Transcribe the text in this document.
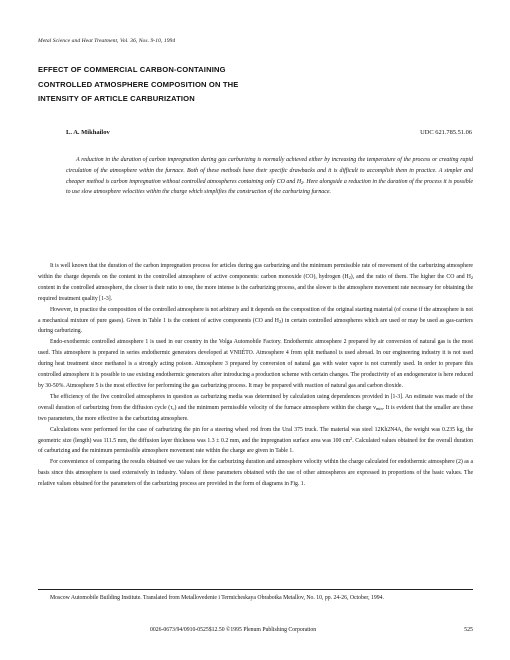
Metal Science and Heat Treatment, Vol. 36, Nos. 9-10, 1994
EFFECT OF COMMERCIAL CARBON-CONTAINING
CONTROLLED ATMOSPHERE COMPOSITION ON THE
INTENSITY OF ARTICLE CARBURIZATION
L. A. Mikhailov	UDC 621.785.51.06
A reduction in the duration of carbon impregnation during gas carburizing is normally achieved either by increasing the temperature of the process or creating rapid circulation of the atmosphere within the furnace. Both of these methods have their specific drawbacks and it is difficult to accomplish them in practice. A simpler and cheaper method is carbon impregnation without controlled atmospheres containing only CO and $H_2$. Here alongside a reduction in the duration of the process it is possible to use slow atmosphere velocities within the charge which simplifies the construction of the carburizing furnace.

It is well known that the duration of the carbon impregnation process for articles during gas carburizing and the minimum permissible rate of movement of the carburizing atmosphere within the charge depends on the content in the controlled atmosphere of active components: carbon monoxide (CO), hydrogen $(H_2)$, and the ratio of them. The higher the CO and $H_2$ content in the controlled atmosphere, the closer is their ratio to one, the more intense is the carburizing process, and the slower is the atmosphere movement rate necessary for obtaining the required treatment quality [1-3].

However, in practice the composition of the controlled atmosphere is not arbitrary and it depends on the composition of the original starting material (of course if the atmosphere is not a mechanical mixture of pure gases). Given in Table 1 is the content of active components (CO and $H_2$) in certain controlled atmospheres which are used or may be used as gas-carriers during carburizing.

Endo-exothermic controlled atmosphere 1 is used in our country in the Volga Automobile Factory. Endothermic atmosphere 2 prepared by air conversion of natural gas is the most used. This atmosphere is prepared in series endothermic generators developed at VNIIÉTO. Atmosphere 4 from split methanol is used abroad. In our engineering industry it is not used during heat treatment since methanol is a strongly acting poison. Atmosphere 3 prepared by conversion of natural gas with water vapor is not currently used. In order to prepare this controlled atmosphere it is possible to use existing endothermic generators after introducing a production scheme with certain changes. The productivity of an endogenerator is here reduced by 30-50%. Atmosphere 5 is the most effective for performing the gas carburizing process. It may be prepared with reaction of natural gas and carbon dioxide.

The efficiency of the five controlled atmospheres in question as carburizing media was determined by calculation using dependences provided in [1-3]. An estimate was made of the overall duration of carburizing from the diffusion cycle $(\tau_c)$ and the minimum permissible velocity of the furnace atmosphere within the charge $v_{min}$. It is evident that the smaller are these two parameters, the more effective is the carburizing atmosphere.

Calculations were performed for the case of carburizing the pin for a steering wheel rod from the Ural 375 truck. The material was steel 12Kh2N4A, the weight was 0.235 kg, the geometric size (length) was 111.5 mm, the diffusion layer thickness was 1.3 ± 0.2 mm, and the impregnation surface area was 100 $cm^2$. Calculated values obtained for the overall duration of carburizing and the minimum permissible atmosphere movement rate within the charge are given in Table 1.

For convenience of comparing the results obtained we use values for the carburizing duration and atmosphere velocity within the charge calculated for endothermic atmosphere (2) as a basis since this atmosphere is used extensively in industry. Values of these parameters obtained with the use of other atmospheres are expressed in proportions of the basic values. The relative values obtained for the parameters of the carburizing process are provided in the form of diagrams in Fig. 1.

Moscow Automobile Building Institute. Translated from Metallovedenie i Termicheskaya Obrabotka Metallov, No. 10, pp. 24-26, October, 1994.
0026-0673/94/0910-0525$12.50 ©1995 Plenum Publishing Corporation	525
